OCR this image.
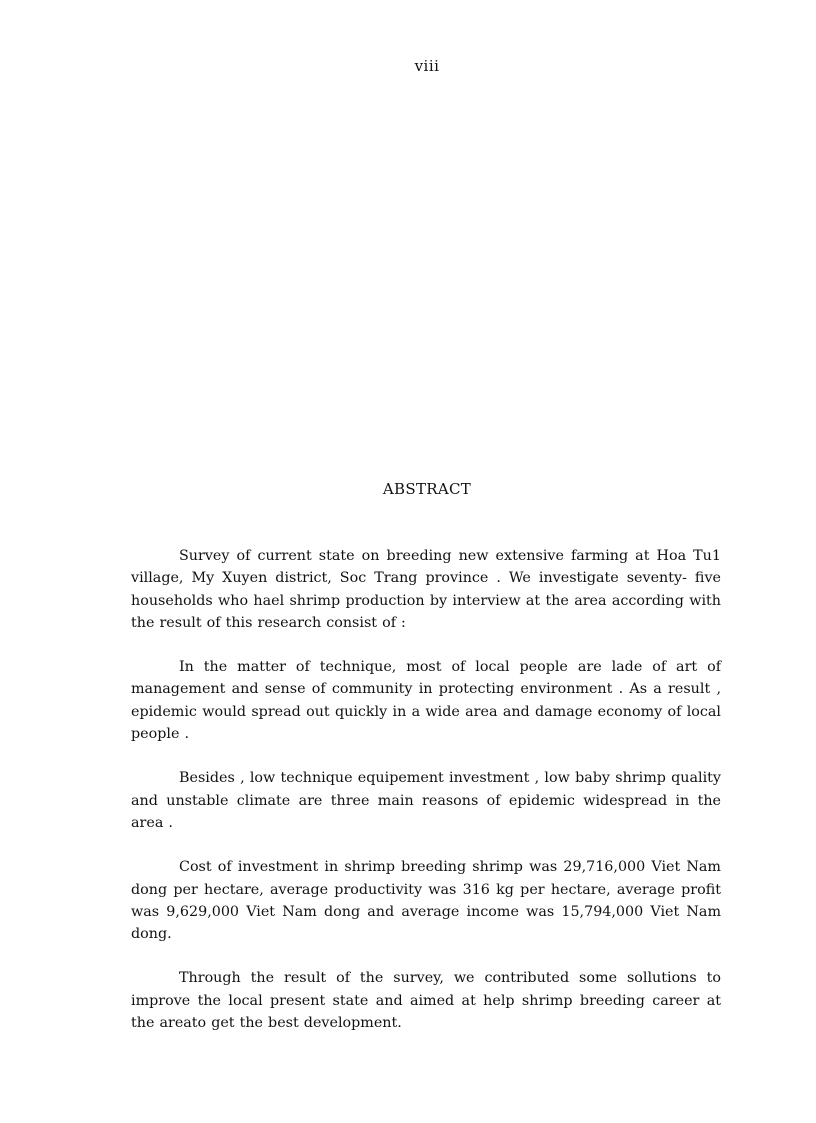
viii
ABSTRACT

Survey of current state on breeding new extensive farming at Hoa Tu1 village, My Xuyen district, Soc Trang province . We investigate seventy- five households who hael shrimp production by interview at the area according with the result of this research consist of :

In the matter of technique, most of local people are lade of art of management and sense of community in protecting environment . As a result , epidemic would spread out quickly in a wide area and damage economy of local people .

Besides , low technique equipement investment , low baby shrimp quality and unstable climate are three main reasons of epidemic widespread in the area .

Cost of investment in shrimp breeding shrimp was 29,716,000 Viet Nam dong per hectare, average productivity was 316 kg per hectare, average profit was 9,629,000 Viet Nam dong and average income was 15,794,000 Viet Nam dong.

Through the result of the survey, we contributed some sollutions to improve the local present state and aimed at help shrimp breeding career at the areato get the best development.
